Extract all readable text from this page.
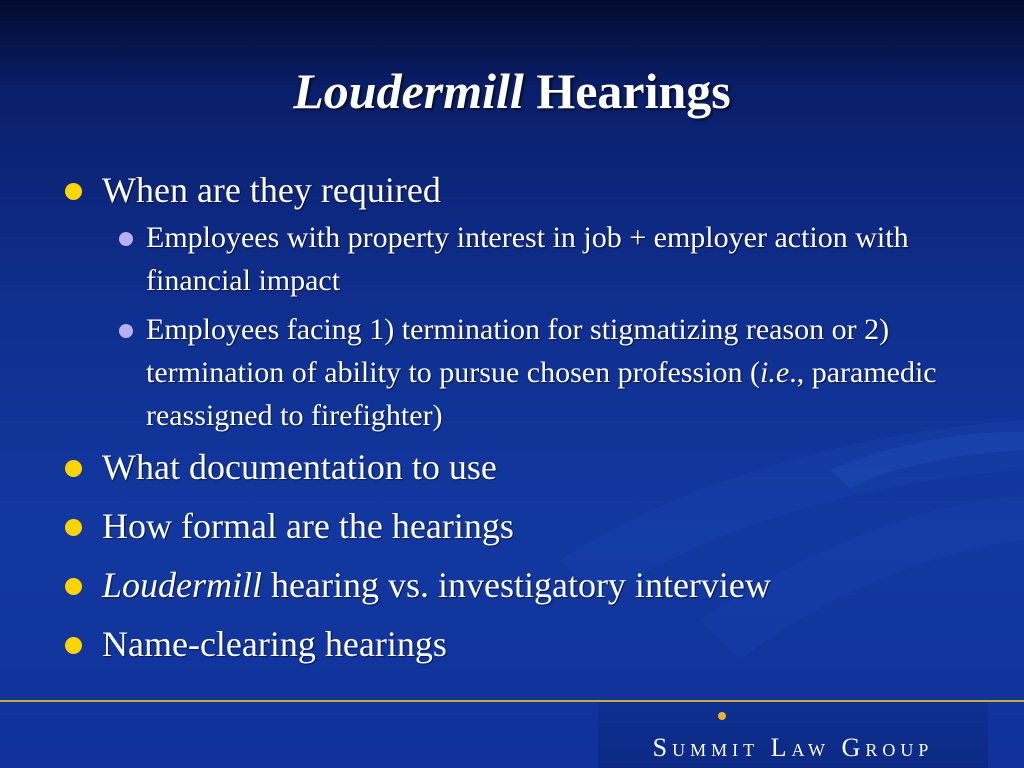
Loudermill Hearings
When are they required
Employees with property interest in job + employer action with financial impact
Employees facing 1) termination for stigmatizing reason or 2) termination of ability to pursue chosen profession (i.e., paramedic reassigned to firefighter)
What documentation to use
How formal are the hearings
Loudermill hearing vs. investigatory interview
Name-clearing hearings
Summit Law Group
